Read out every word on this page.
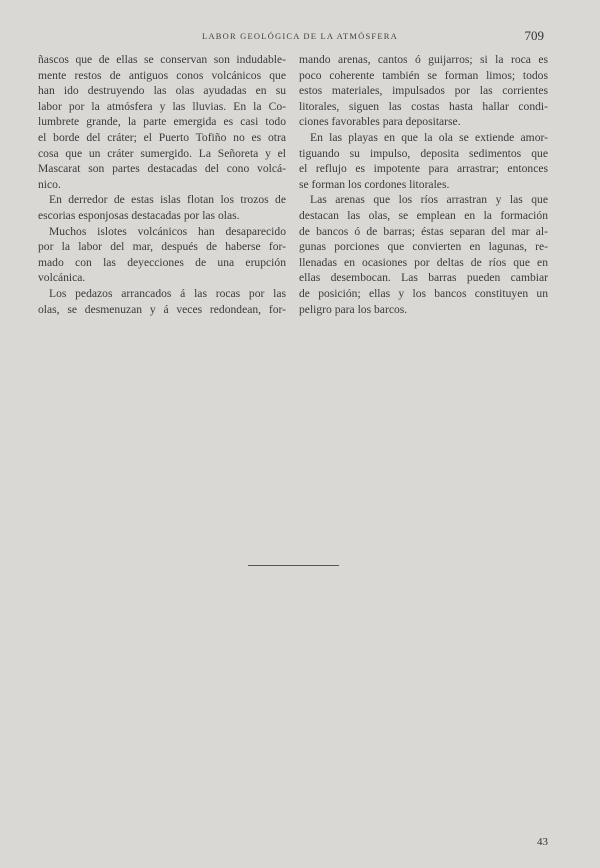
LABOR GEOLÓGICA DE LA ATMÓSFERA	709
ñascos que de ellas se conservan son indudable-
mente restos de antiguos conos volcánicos que
han ido destruyendo las olas ayudadas en su
labor por la atmósfera y las lluvias. En la Co-
lumbrete grande, la parte emergida es casi todo
el borde del cráter; el Puerto Tofiño no es otra
cosa que un cráter sumergido. La Señoreta y el
Mascarat son partes destacadas del cono volcá-
nico.
En derredor de estas islas flotan los trozos de
escorias esponjosas destacadas por las olas.
Muchos islotes volcánicos han desaparecido
por la labor del mar, después de haberse for-
mado con las deyecciones de una erupción
volcánica.
Los pedazos arrancados á las rocas por las
olas, se desmenuzan y á veces redondean, for-
mando arenas, cantos ó guijarros; si la roca es
poco coherente también se forman limos; todos
estos materiales, impulsados por las corrientes
litorales, siguen las costas hasta hallar condi-
ciones favorables para depositarse.
En las playas en que la ola se extiende amor-
tiguando su impulso, deposita sedimentos que
el reflujo es impotente para arrastrar; entonces
se forman los cordones litorales.
Las arenas que los ríos arrastran y las que
destacan las olas, se emplean en la formación
de bancos ó de barras; éstas separan del mar al-
gunas porciones que convierten en lagunas, re-
llenadas en ocasiones por deltas de ríos que en
ellas desembocan. Las barras pueden cambiar
de posición; ellas y los bancos constituyen un
peligro para los barcos.
43
